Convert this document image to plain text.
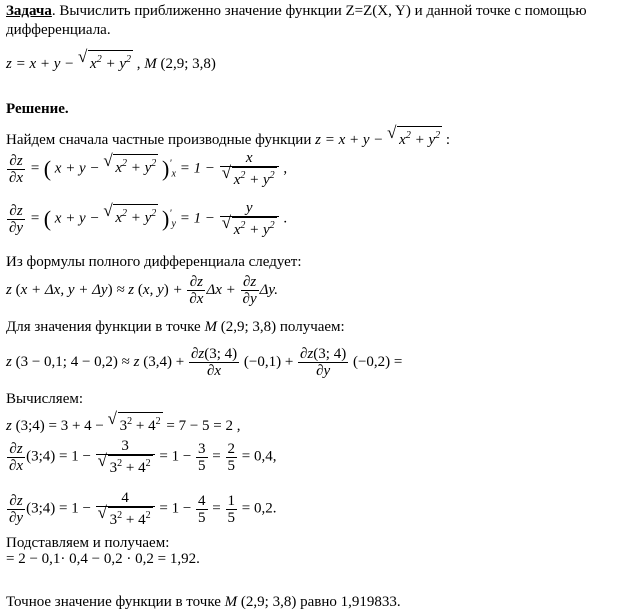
Задача. Вычислить приближенно значение функции Z=Z(X, Y) и данной точке с помощью
дифференциала.
z = x + y − √ $x^2 + y^2$ , M (2,9; 3,8)
Решение.
Найдем сначала частные производные функции z = x + y − √ $x^2 + y^2$ :
$\frac{\partial z}{\partial x}$ = ( x + y − √ $x^2 + y^2$ )$'_x = 1 - \frac{x}{√ x^2 + y^2}$ ,
$\frac{\partial z}{\partial y}$ = ( x + y − √ $x^2 + y^2$ )$'_y = 1 - \frac{y}{√ x^2 + y^2}$ .
Из формулы полного дифференциала следует:
z (x + Δx, y + Δy) ≈ z (x, $y) + \frac{\partial z}{\partial x}$ $\Delta x + \frac{\partial z}{\partial y} \Delta y$.
Для значения функции в точке M (2,9; 3,8) получаем:
z (3 − 0,1; 4 − 0,2) ≈ z $(3,4) + \frac{\partial z(3; 4)}{\partial x} (-0,1) + \frac{\partial z(3; 4)}{\partial y} (-0,2)$ =
Вычисляем:
z (3;4) = 3 + 4 − √ $3^2 + 4^2 = 7 - 5 = 2$ ,
$\frac{\partial z}{\partial x}$ (3;4) = $1 - \frac{3}{√ 3^2 + 4^2} = 1 - \frac{3}{5} = \frac{2}{5} = 0,4$,
$\frac{\partial z}{\partial y}$ (3;4) = $1 - \frac{4}{√ 3^2 + 4^2} = 1 - \frac{4}{5} = \frac{1}{5} = 0,2$.
Подставляем и получаем:
= 2 − 0,1· 0,4 − 0,2 · 0,2 = 1,92.
Точное значение функции в точке M (2,9; 3,8) равно 1,919833.
